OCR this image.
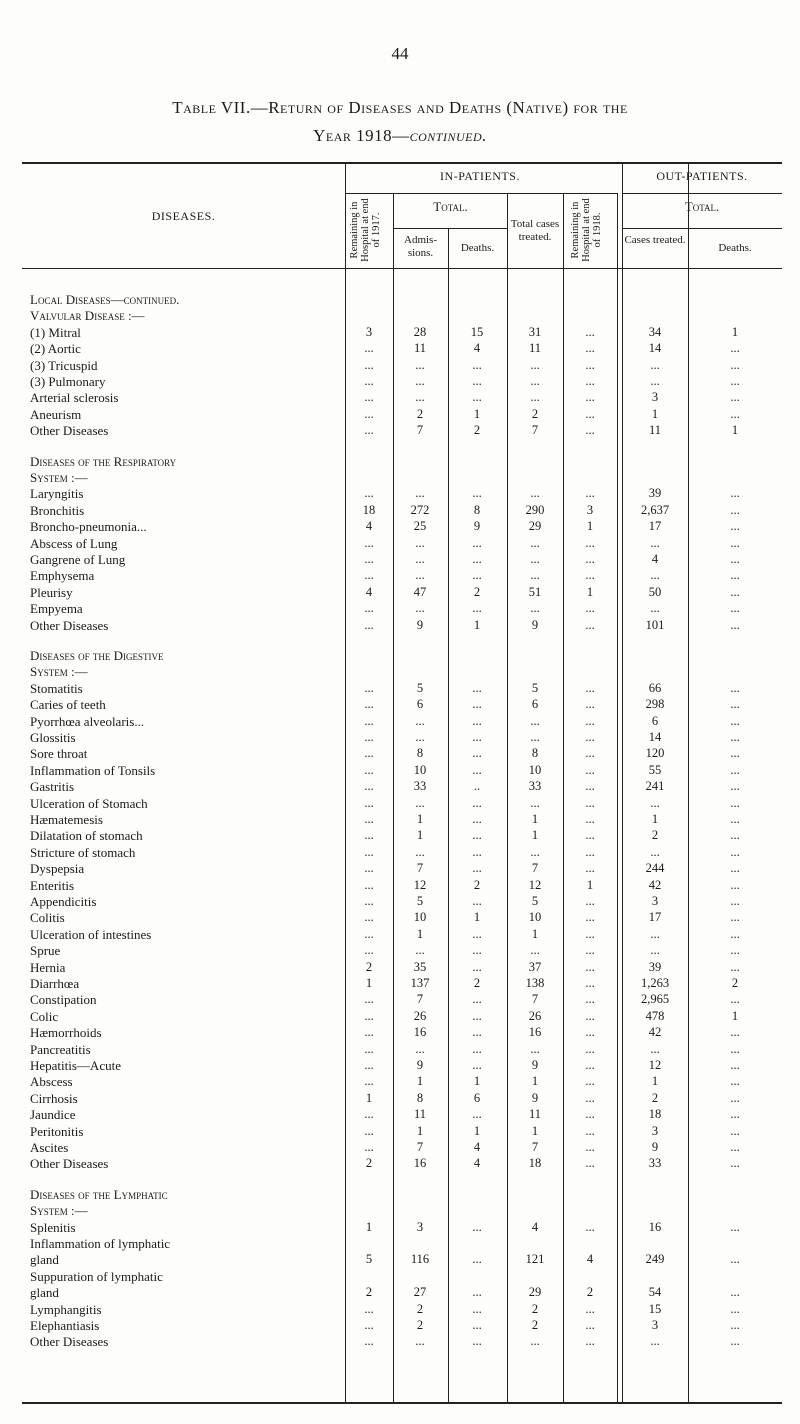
44
Table VII.—Return of Diseases and Deaths (Native) for the
Year 1918—continued.
IN-PATIENTS.	OUT-PATIENTS.
DISEASES.
Total.
Admis-sions.	Deaths.
Total cases treated.
Total.
Cases treated.
Deaths.
Remaining in Hospital at end of 1917.	Remaining in Hospital at end of 1918.
Local Diseases—continued.
Valvular Disease :—
(1) Mitral	3	28	15	31	...	34	1
(2) Aortic	...	11	4	11	...	14	...
(3) Tricuspid	...	...	...	...	...	...	...
(3) Pulmonary	...	...	...	...	...	...	...
Arterial sclerosis	...	...	...	...	...	3	...
Aneurism	...	2	1	2	...	1	...
Other Diseases	...	7	2	7	...	11	1
Diseases of the Respiratory
System :—
Laryngitis	...	...	...	...	...	39	...
Bronchitis	18	272	8	290	3	2,637	...
Broncho-pneumonia...	4	25	9	29	1	17	...
Abscess of Lung	...	...	...	...	...	...	...
Gangrene of Lung	...	...	...	...	...	4	...
Emphysema	...	...	...	...	...	...	...
Pleurisy	4	47	2	51	1	50	...
Empyema	...	...	...	...	...	...	...
Other Diseases	...	9	1	9	...	101	...
Diseases of the Digestive
System :—
Stomatitis	...	5	...	5	...	66	...
Caries of teeth	...	6	...	6	...	298	...
Pyorrhœa alveolaris...	...	...	...	...	...	6	...
Glossitis	...	...	...	...	...	14	...
Sore throat	...	8	...	8	...	120	...
Inflammation of Tonsils	...	10	...	10	...	55	...
Gastritis	...	33	..	33	...	241	...
Ulceration of Stomach	...	...	...	...	...	...	...
Hæmatemesis	...	1	...	1	...	1	...
Dilatation of stomach	...	1	...	1	...	2	...
Stricture of stomach	...	...	...	...	...	...	...
Dyspepsia	...	7	...	7	...	244	...
Enteritis	...	12	2	12	1	42	...
Appendicitis	...	5	...	5	...	3	...
Colitis	...	10	1	10	...	17	...
Ulceration of intestines	...	1	...	1	...	...	...
Sprue	...	...	...	...	...	...	...
Hernia	2	35	...	37	...	39	...
Diarrhœa	1	137	2	138	...	1,263	2
Constipation	...	7	...	7	...	2,965	...
Colic	...	26	...	26	...	478	1
Hæmorrhoids	...	16	...	16	...	42	...
Pancreatitis	...	...	...	...	...	...	...
Hepatitis—Acute	...	9	...	9	...	12	...
Abscess	...	1	1	1	...	1	...
Cirrhosis	1	8	6	9	...	2	...
Jaundice	...	11	...	11	...	18	...
Peritonitis	...	1	1	1	...	3	...
Ascites	...	7	4	7	...	9	...
Other Diseases	2	16	4	18	...	33	...
Diseases of the Lymphatic
System :—
Splenitis	1	3	...	4	...	16	...
Inflammation of lymphatic
gland	5	116	...	121	4	249	...
Suppuration of lymphatic
gland	2	27	...	29	2	54	...
Lymphangitis	...	2	...	2	...	15	...
Elephantiasis	...	2	...	2	...	3	...
Other Diseases	...	...	...	...	...	...	...
